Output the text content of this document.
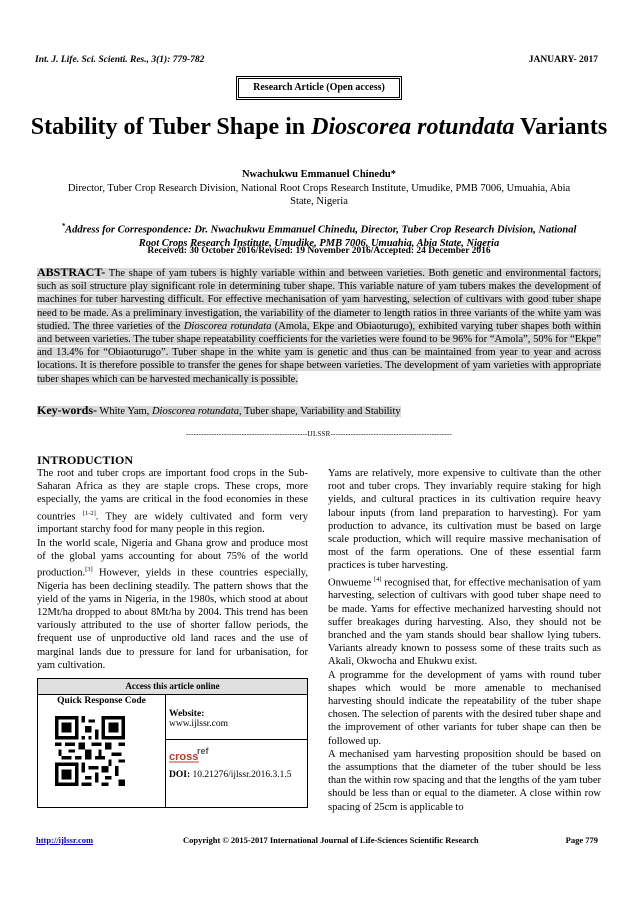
Int. J. Life. Sci. Scienti. Res., 3(1): 779-782	JANUARY- 2017
Research Article (Open access)
Stability of Tuber Shape in Dioscorea rotundata Variants
Nwachukwu Emmanuel Chinedu*
Director, Tuber Crop Research Division, National Root Crops Research Institute, Umudike, PMB 7006, Umuahia, Abia State, Nigeria
*Address for Correspondence: Dr. Nwachukwu Emmanuel Chinedu, Director, Tuber Crop Research Division, National Root Crops Research Institute, Umudike, PMB 7006, Umuahia, Abia State, Nigeria
Received: 30 October 2016/Revised: 19 November 2016/Accepted: 24 December 2016
ABSTRACT- The shape of yam tubers is highly variable within and between varieties. Both genetic and environmental factors, such as soil structure play significant role in determining tuber shape. This variable nature of yam tubers makes the development of machines for tuber harvesting difficult. For effective mechanisation of yam harvesting, selection of cultivars with good tuber shape need to be made. As a preliminary investigation, the variability of the diameter to length ratios in three variants of the white yam was studied. The three varieties of the Dioscorea rotundata (Amola, Ekpe and Obiaoturugo), exhibited varying tuber shapes both within and between varieties. The tuber shape repeatability coefficients for the varieties were found to be 96% for “Amola”, 50% for “Ekpe” and 13.4% for “Obiaoturugo”. Tuber shape in the white yam is genetic and thus can be maintained from year to year and across locations. It is therefore possible to transfer the genes for shape between varieties. The development of yam varieties with appropriate tuber shapes which can be harvested mechanically is possible.
Key-words- White Yam, Dioscorea rotundata, Tuber shape, Variability and Stability
------------------------------------------------IJLSSR------------------------------------------------
INTRODUCTION

The root and tuber crops are important food crops in the Sub-Saharan Africa as they are staple crops. These crops, more especially, the yams are critical in the food economies in these countries [1-2]. They are widely cultivated and form very important starchy food for many people in this region.

In the world scale, Nigeria and Ghana grow and produce most of the global yams accounting for about 75% of the world production.[3] However, yields in these countries especially, Nigeria has been declining steadily. The pattern shows that the yield of the yams in Nigeria, in the 1980s, which stood at about 12Mt/ha dropped to about 8Mt/ha by 2004. This trend has been variously attributed to the use of shorter fallow periods, the frequent use of unproductive old land races and the use of marginal lands due to pressure for land for urbanisation, for yam cultivation.

Access this article online
Quick Response Code
Website:
www.ijlssr.com
cross
ref
DOI: 10.21276/ijlssr.2016.3.1.5

Yams are relatively, more expensive to cultivate than the other root and tuber crops. They invariably require staking for high yields, and cultural practices in its cultivation require heavy labour inputs (from land preparation to harvesting). For yam production to advance, its cultivation must be based on large scale production, which will require massive mechanisation of most of the farm operations. One of these essential farm practices is tuber harvesting.

Onwueme [4] recognised that, for effective mechanisation of yam harvesting, selection of cultivars with good tuber shape need to be made. Yams for effective mechanized harvesting should not suffer breakages during harvesting. Also, they should not be branched and the yam stands should bear shallow lying tubers. Variants already known to possess some of these traits such as Akali, Okwocha and Ehukwu exist.

A programme for the development of yams with round tuber shapes which would be more amenable to mechanised harvesting should indicate the repeatability of the tuber shape chosen. The selection of parents with the desired tuber shape and the improvement of other variants for tuber shape can then be followed up.

A mechanised yam harvesting proposition should be based on the assumptions that the diameter of the tuber should be less than the within row spacing and that the lengths of the yam tuber should be less than or equal to the diameter. A close within row spacing of 25cm is applicable to

http://ijlssr.com	Copyright © 2015-2017 International Journal of Life-Sciences Scientific Research	Page 779
